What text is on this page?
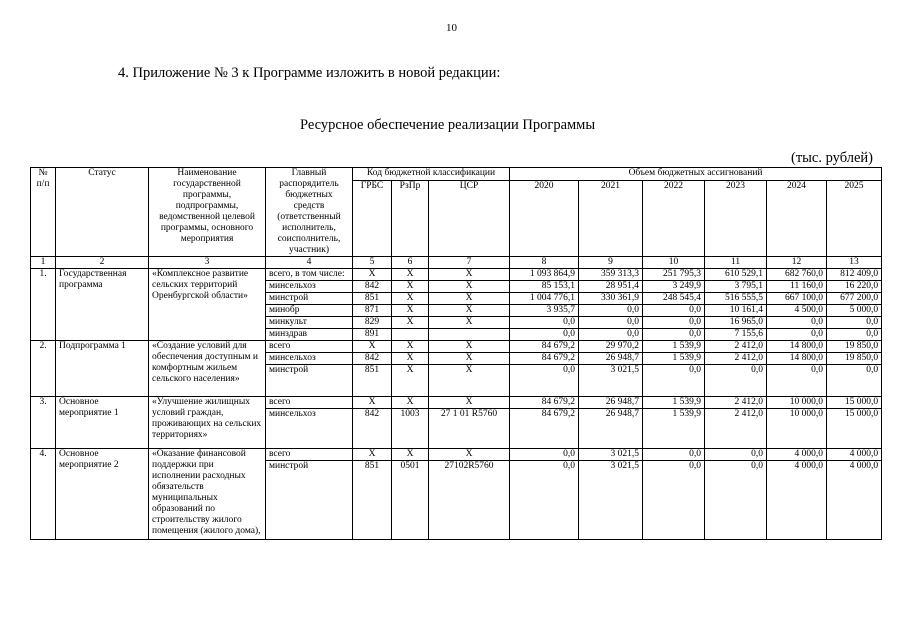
10
4. Приложение № 3 к Программе изложить в новой редакции:
Ресурсное обеспечение реализации Программы
(тыс. рублей)
№ п/п	Статус	Наименование государственной программы, подпрограммы, ведомственной целевой программы, основного мероприятия	Главный распорядитель бюджетных средств (ответственный исполнитель, соисполнитель, участник)	Код бюджетной классификации			Объем бюджетных ассигнований					
				ГРБС	РзПр	ЦСР	2020	2021	2022	2023	2024	2025
1	2	3	4	5	6	7	8	9	10	11	12	13
1.	Государственная программа	«Комплексное развитие сельских территорий Оренбургской области»	всего, в том числе:	Х	Х	Х	1 093 864,9	359 313,3	251 795,3	610 529,1	682 760,0	812 409,0
			минсельхоз	842	Х	Х	85 153,1	28 951,4	3 249,9	3 795,1	11 160,0	16 220,0
			минстрой	851	Х	Х	1 004 776,1	330 361,9	248 545,4	516 555,5	667 100,0	677 200,0
			минобр	871	Х	Х	3 935,7	0,0	0,0	10 161,4	4 500,0	5 000,0
			минкульт	829	Х	Х	0,0	0,0	0,0	16 965,0	0,0	0,0
			минздрав	891			0,0	0,0	0,0	7 155,6	0,0	0,0
2.	Подпрограмма 1	«Создание условий для обеспечения доступным и комфортным жильем сельского населения»	всего	Х	Х	Х	84 679,2	29 970,2	1 539,9	2 412,0	14 800,0	19 850,0
			минсельхоз	842	Х	Х	84 679,2	26 948,7	1 539,9	2 412,0	14 800,0	19 850,0
			минстрой	851	Х	Х	0,0	3 021,5	0,0	0,0	0,0	0,0
3.	Основное мероприятие 1	«Улучшение жилищных условий граждан, проживающих на сельских территориях»	всего	Х	Х	Х	84 679,2	26 948,7	1 539,9	2 412,0	10 000,0	15 000,0
			минсельхоз	842	1003	27 1 01 R5760	84 679,2	26 948,7	1 539,9	2 412,0	10 000,0	15 000,0
4.	Основное мероприятие 2	«Оказание финансовой поддержки при исполнении расходных обязательств муниципальных образований по строительству жилого помещения (жилого дома),	всего	Х	Х	Х	0,0	3 021,5	0,0	0,0	4 000,0	4 000,0
			минстрой	851	0501	27102R5760	0,0	3 021,5	0,0	0,0	4 000,0	4 000,0
